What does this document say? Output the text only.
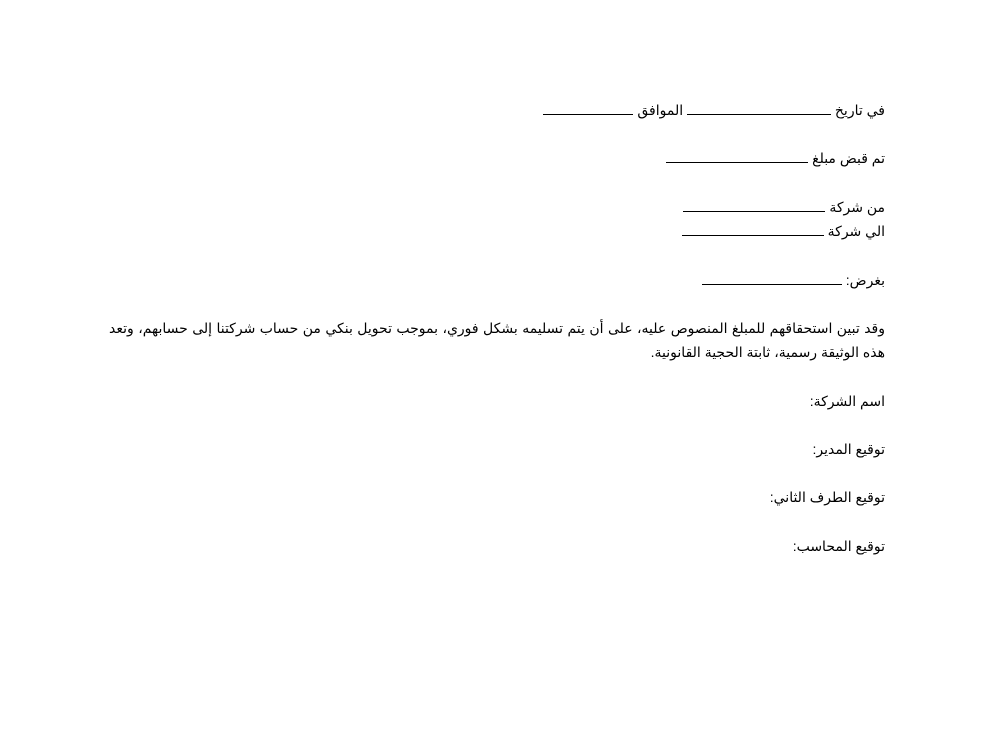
في تاريخ  الموافق
تم قبض مبلغ
من شركة
الي شركة
بغرض:
وقد تبين استحقاقهم للمبلغ المنصوص عليه، على أن يتم تسليمه بشكل فوري، بموجب تحويل بنكي من حساب شركتنا إلى حسابهم، وتعد هذه الوثيقة رسمية، ثابتة الحجية القانونية.
اسم الشركة:
توقيع المدير:
توقيع الطرف الثاني:
توقيع المحاسب:
